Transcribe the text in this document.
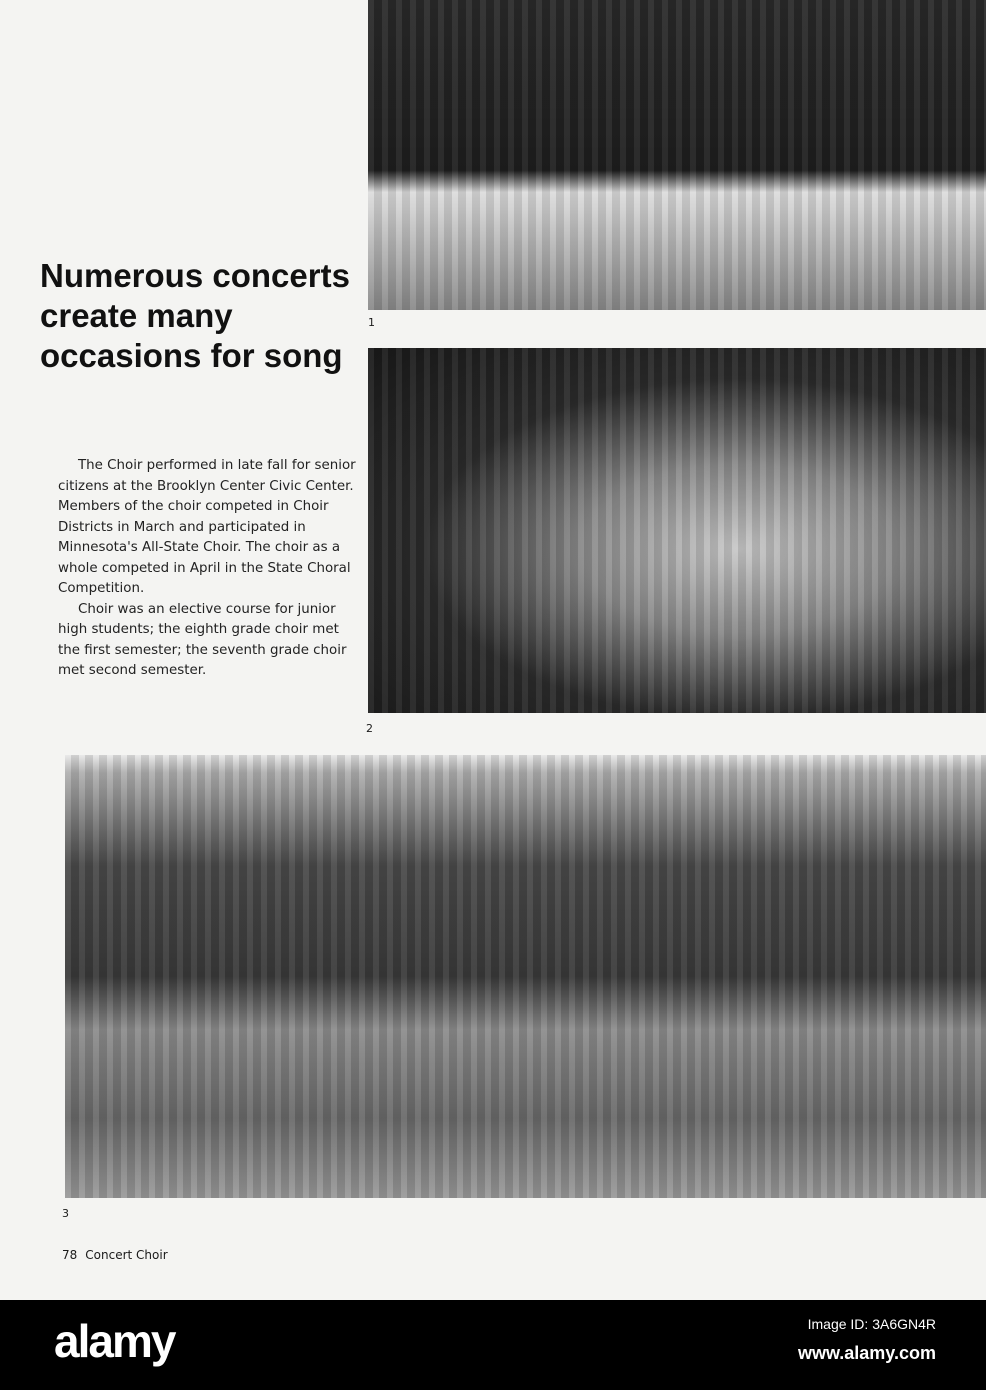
1
2
3
Numerous concerts create many occasions for song

The Choir performed in late fall for senior citizens at the Brooklyn Center Civic Center. Members of the choir competed in Choir Districts in March and participated in Minnesota's All-State Choir. The choir as a whole competed in April in the State Choral Competition.

Choir was an elective course for junior high students; the eighth grade choir met the first semester; the seventh grade choir met second semester.

78 Concert Choir
alamy	Image ID: 3A6GN4R
www.alamy.com
